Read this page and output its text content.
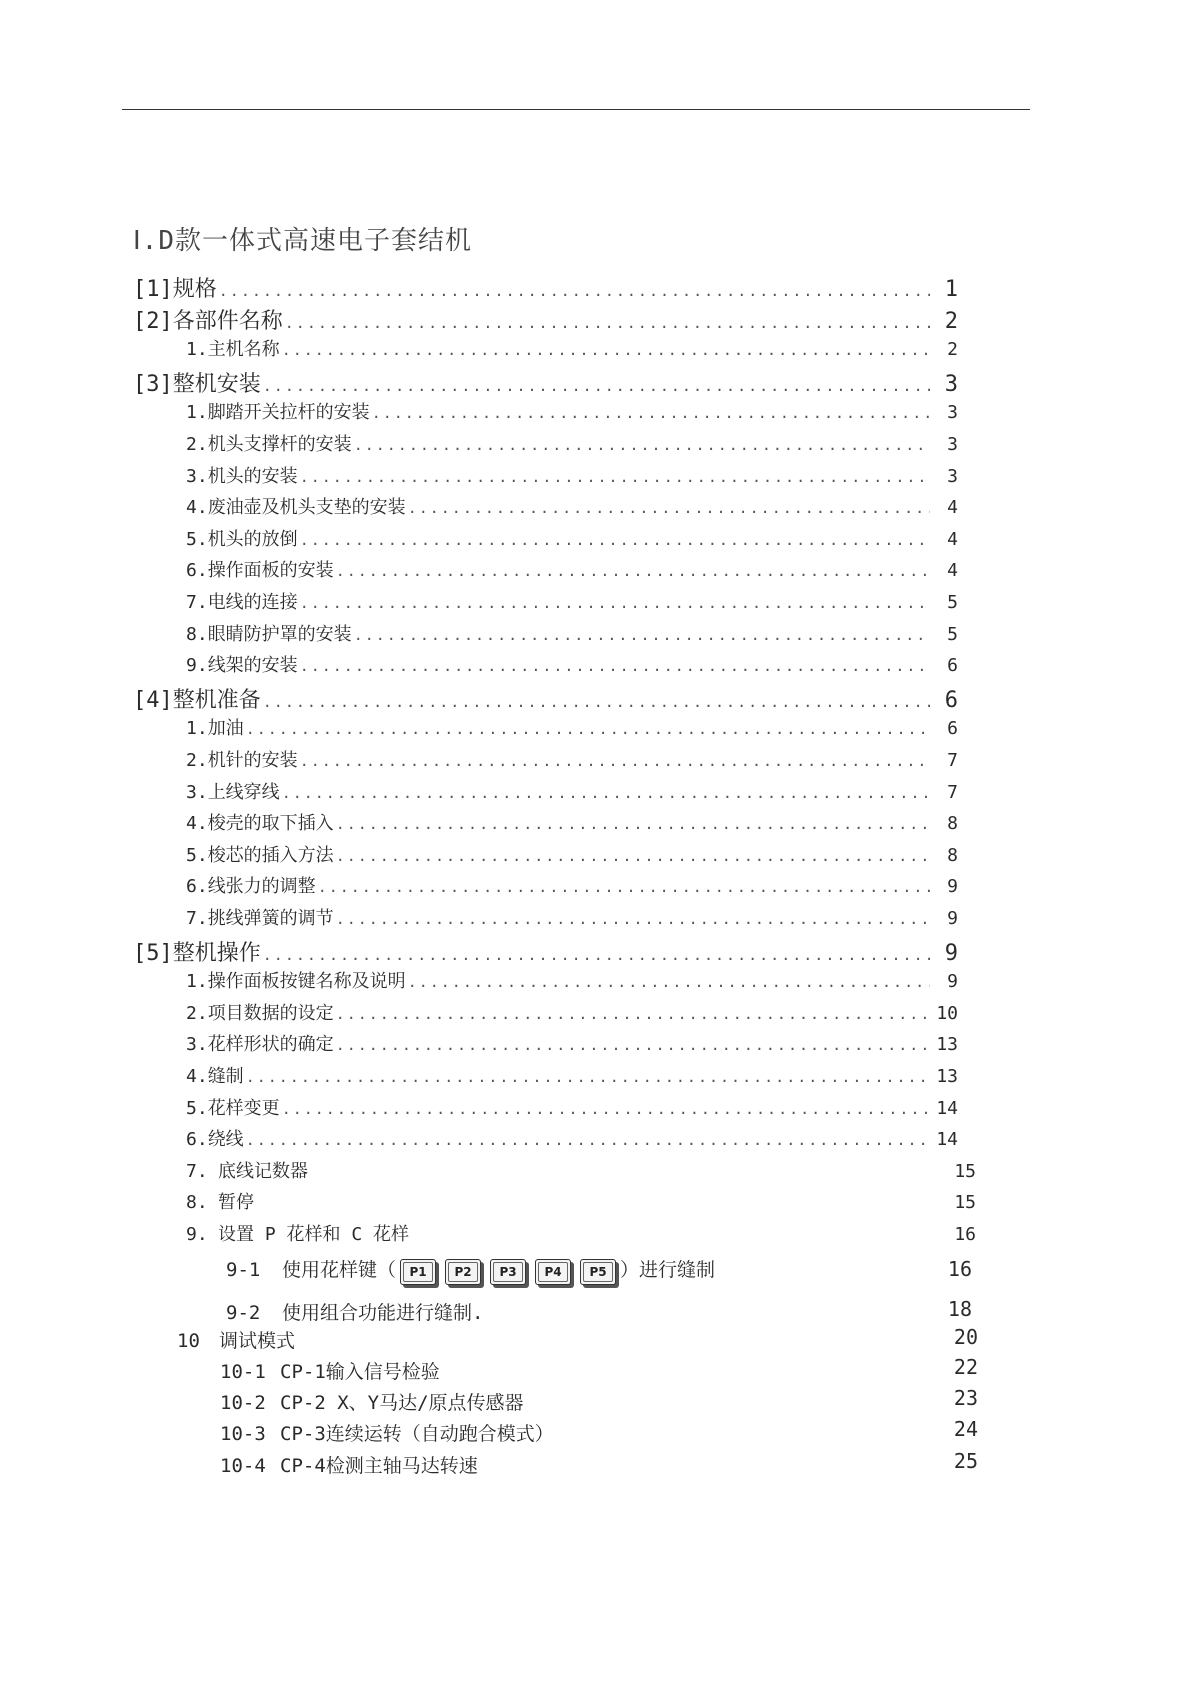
Ⅰ.D款一体式高速电子套结机
[1] 规格 .....	1
[2] 各部件名称 .....	2
1. 主机名称 .....	2
[3] 整机安装 .....	3
1. 脚踏开关拉杆的安装 .....	3
2. 机头支撑杆的安装 .....	3
3. 机头的安装 .....	3
4. 废油壶及机头支垫的安装 .....	4
5. 机头的放倒 .....	4
6. 操作面板的安装 .....	4
7. 电线的连接 .....	5
8. 眼睛防护罩的安装 .....	5
9. 线架的安装 .....	6
[4] 整机准备 .....	6
1. 加油 .....	6
2. 机针的安装 .....	7
3. 上线穿线 .....	7
4. 梭壳的取下插入 .....	8
5. 梭芯的插入方法 .....	8
6. 线张力的调整 .....	9
7. 挑线弹簧的调节 .....	9
[5] 整机操作 .....	9
1. 操作面板按键名称及说明 .....	9
2. 项目数据的设定 .....	10
3. 花样形状的确定 .....	13
4. 缝制 .....	13
5. 花样变更 .....	14
6. 绕线 .....	14
7. 底线记数器	15
8. 暂停	15
9. 设置 P 花样和 C 花样	16
9-1	使用花样键（	P1	P2	P3	P4	P5 ）进行缝制	16
9-2	使用组合功能进行缝制.	18
10	调试模式	20
10-1 CP-1输入信号检验	22
10-2 CP-2 X、Y马达/原点传感器	23
10-3 CP-3连续运转（自动跑合模式）	24
10-4 CP-4检测主轴马达转速	25
